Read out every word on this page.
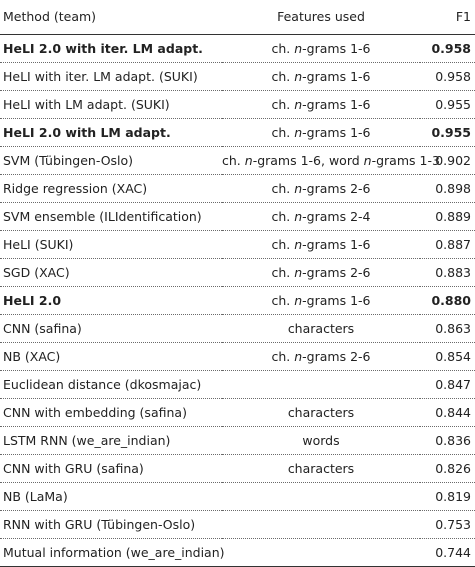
Method (team)	Features used	F1
HeLI 2.0 with iter. LM adapt.	ch. n-grams 1-6	0.958
HeLI with iter. LM adapt. (SUKI)	ch. n-grams 1-6	0.958
HeLI with LM adapt. (SUKI)	ch. n-grams 1-6	0.955
HeLI 2.0 with LM adapt.	ch. n-grams 1-6	0.955
SVM (Tübingen-Oslo)	ch. n-grams 1-6, word n-grams 1-3	0.902
Ridge regression (XAC)	ch. n-grams 2-6	0.898
SVM ensemble (ILIdentification)	ch. n-grams 2-4	0.889
HeLI (SUKI)	ch. n-grams 1-6	0.887
SGD (XAC)	ch. n-grams 2-6	0.883
HeLI 2.0	ch. n-grams 1-6	0.880
CNN (safina)	characters	0.863
NB (XAC)	ch. n-grams 2-6	0.854
Euclidean distance (dkosmajac)		0.847
CNN with embedding (safina)	characters	0.844
LSTM RNN (we_are_indian)	words	0.836
CNN with GRU (safina)	characters	0.826
NB (LaMa)		0.819
RNN with GRU (Tübingen-Oslo)		0.753
Mutual information (we_are_indian)		0.744
